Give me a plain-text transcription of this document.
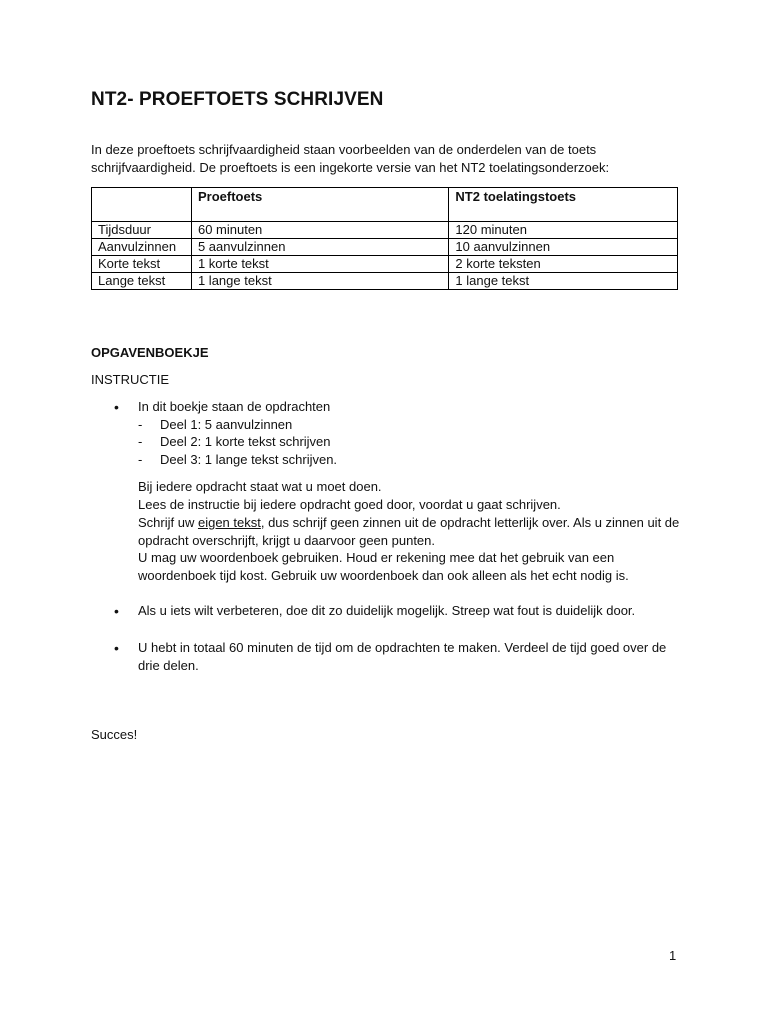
NT2- PROEFTOETS SCHRIJVEN

In deze proeftoets schrijfvaardigheid staan voorbeelden van de onderdelen van de toets schrijfvaardigheid. De proeftoets is een ingekorte versie van het NT2 toelatingsonderzoek:

	Proeftoets	NT2 toelatingstoets
Tijdsduur	60 minuten	120 minuten
Aanvulzinnen	5 aanvulzinnen	10 aanvulzinnen
Korte tekst	1 korte tekst	2 korte teksten
Lange tekst	1 lange tekst	1 lange tekst

OPGAVENBOEKJE

INSTRUCTIE

• In dit boekje staan de opdrachten

- Deel 1: 5 aanvulzinnen
- Deel 2: 1 korte tekst schrijven
- Deel 3: 1 lange tekst schrijven.

Bij iedere opdracht staat wat u moet doen.

Lees de instructie bij iedere opdracht goed door, voordat u gaat schrijven.

Schrijf uw eigen tekst, dus schrijf geen zinnen uit de opdracht letterlijk over. Als u zinnen uit de opdracht overschrijft, krijgt u daarvoor geen punten.

U mag uw woordenboek gebruiken. Houd er rekening mee dat het gebruik van een woordenboek tijd kost. Gebruik uw woordenboek dan ook alleen als het echt nodig is.

• Als u iets wilt verbeteren, doe dit zo duidelijk mogelijk. Streep wat fout is duidelijk door.

• U hebt in totaal 60 minuten de tijd om de opdrachten te maken. Verdeel de tijd goed over de drie delen.

Succes!

1
